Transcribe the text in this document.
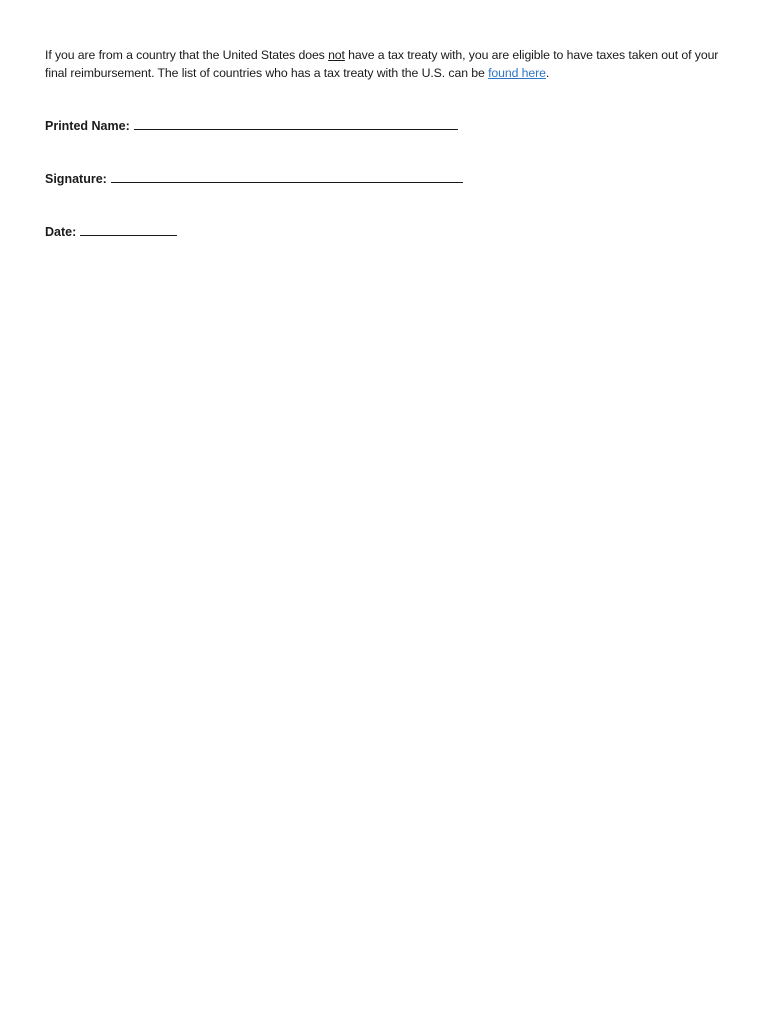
If you are from a country that the United States does not have a tax treaty with, you are eligible to have taxes taken out of your final reimbursement. The list of countries who has a tax treaty with the U.S. can be found here.

Printed Name:
Signature:
Date:
